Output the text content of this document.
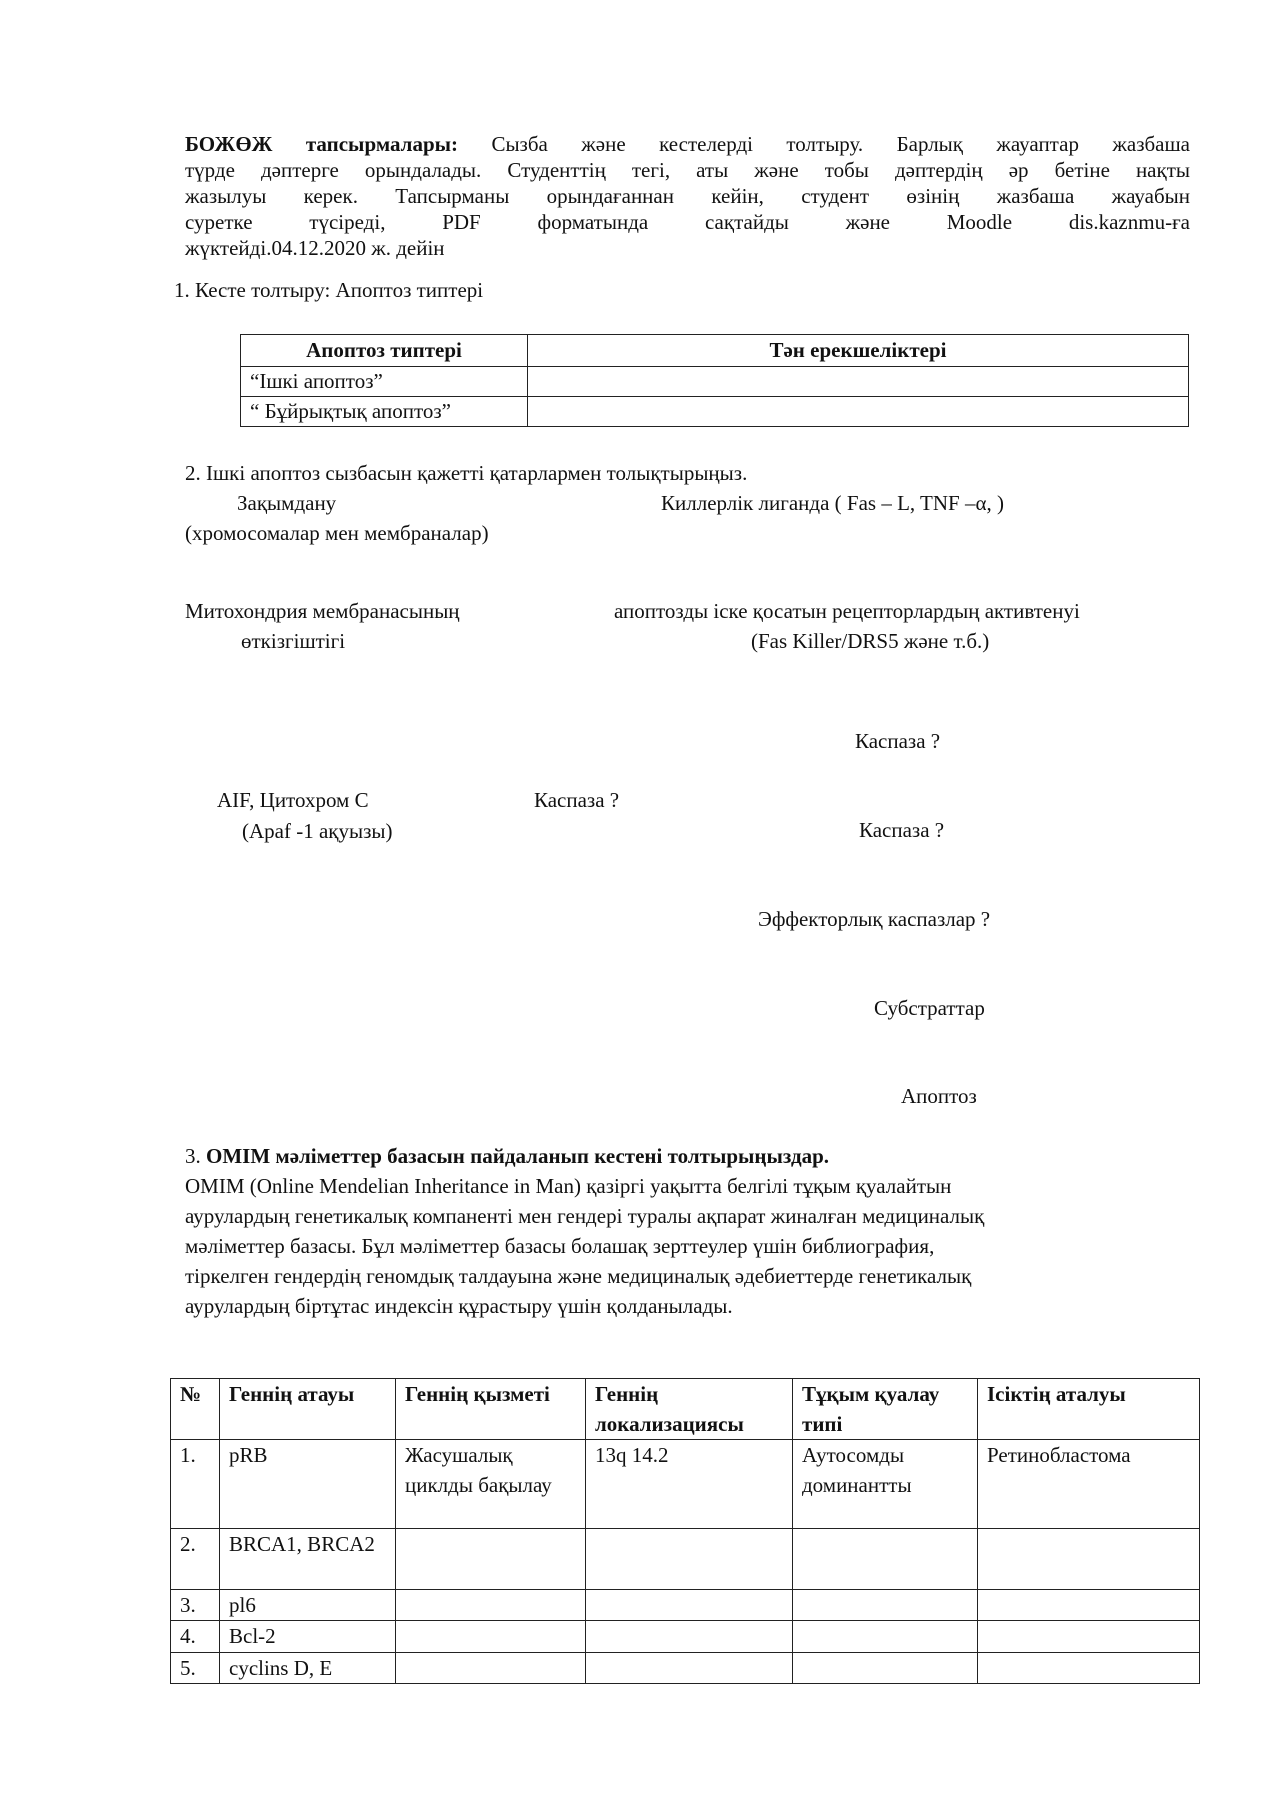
БОЖӨЖ тапсырмалары: Сызба және кестелерді толтыру. Барлық жауаптар жазбаша
түрде дәптерге орындалады. Студенттің тегі, аты және тобы дәптердің әр бетіне нақты
жазылуы керек. Тапсырманы орындағаннан кейін, студент өзінің жазбаша жауабын
суретке түсіреді, PDF форматында сақтайды және Moodle dis.kaznmu-ға
жүктейді.04.12.2020 ж. дейін
1. Кесте толтыру: Апоптоз типтері
Апоптоз типтері	Тән ерекшеліктері
“Ішкі апоптоз”	
“ Бұйрықтық апоптоз”	
2. Ішкі апоптоз сызбасын қажетті қатарлармен толықтырыңыз.
Зақымдану
(хромосомалар мен мембраналар)
Киллерлік лиганда ( Fas – L, TNF –α, )
Митохондрия мембранасының
өткізгіштігі
апоптозды іске қосатын рецепторлардың активтенуі
(Fas Killer/DRS5 және т.б.)
Каспаза ?
AIF, Цитохром С
(Apaf -1 ақуызы)
Каспаза ?
Каспаза ?
Эффекторлық каспазлар ?
Субстраттар
Апоптоз
3. OMIM мәліметтер базасын пайдаланып кестені толтырыңыздар.
OMIM (Online Mendelian Inheritance in Man) қазіргі уақытта белгілі тұқым қуалайтын
аурулардың генетикалық компаненті мен гендері туралы ақпарат жиналған медициналық
мәліметтер базасы. Бұл мәліметтер базасы болашақ зерттеулер үшін библиография,
тіркелген гендердің геномдық талдауына және медициналық әдебиеттерде генетикалық
аурулардың біртұтас индексін құрастыру үшін қолданылады.
№	Геннің атауы	Геннің қызметі	Геннің локализациясы	Тұқым қуалау типі	Ісіктің аталуы
1.	pRB	Жасушалық циклды бақылау	13q 14.2	Аутосомды доминантты	Ретинобластома
2.	BRCA1, BRCA2				
3.	pl6				
4.	Bcl-2				
5.	cyclins D, E				
